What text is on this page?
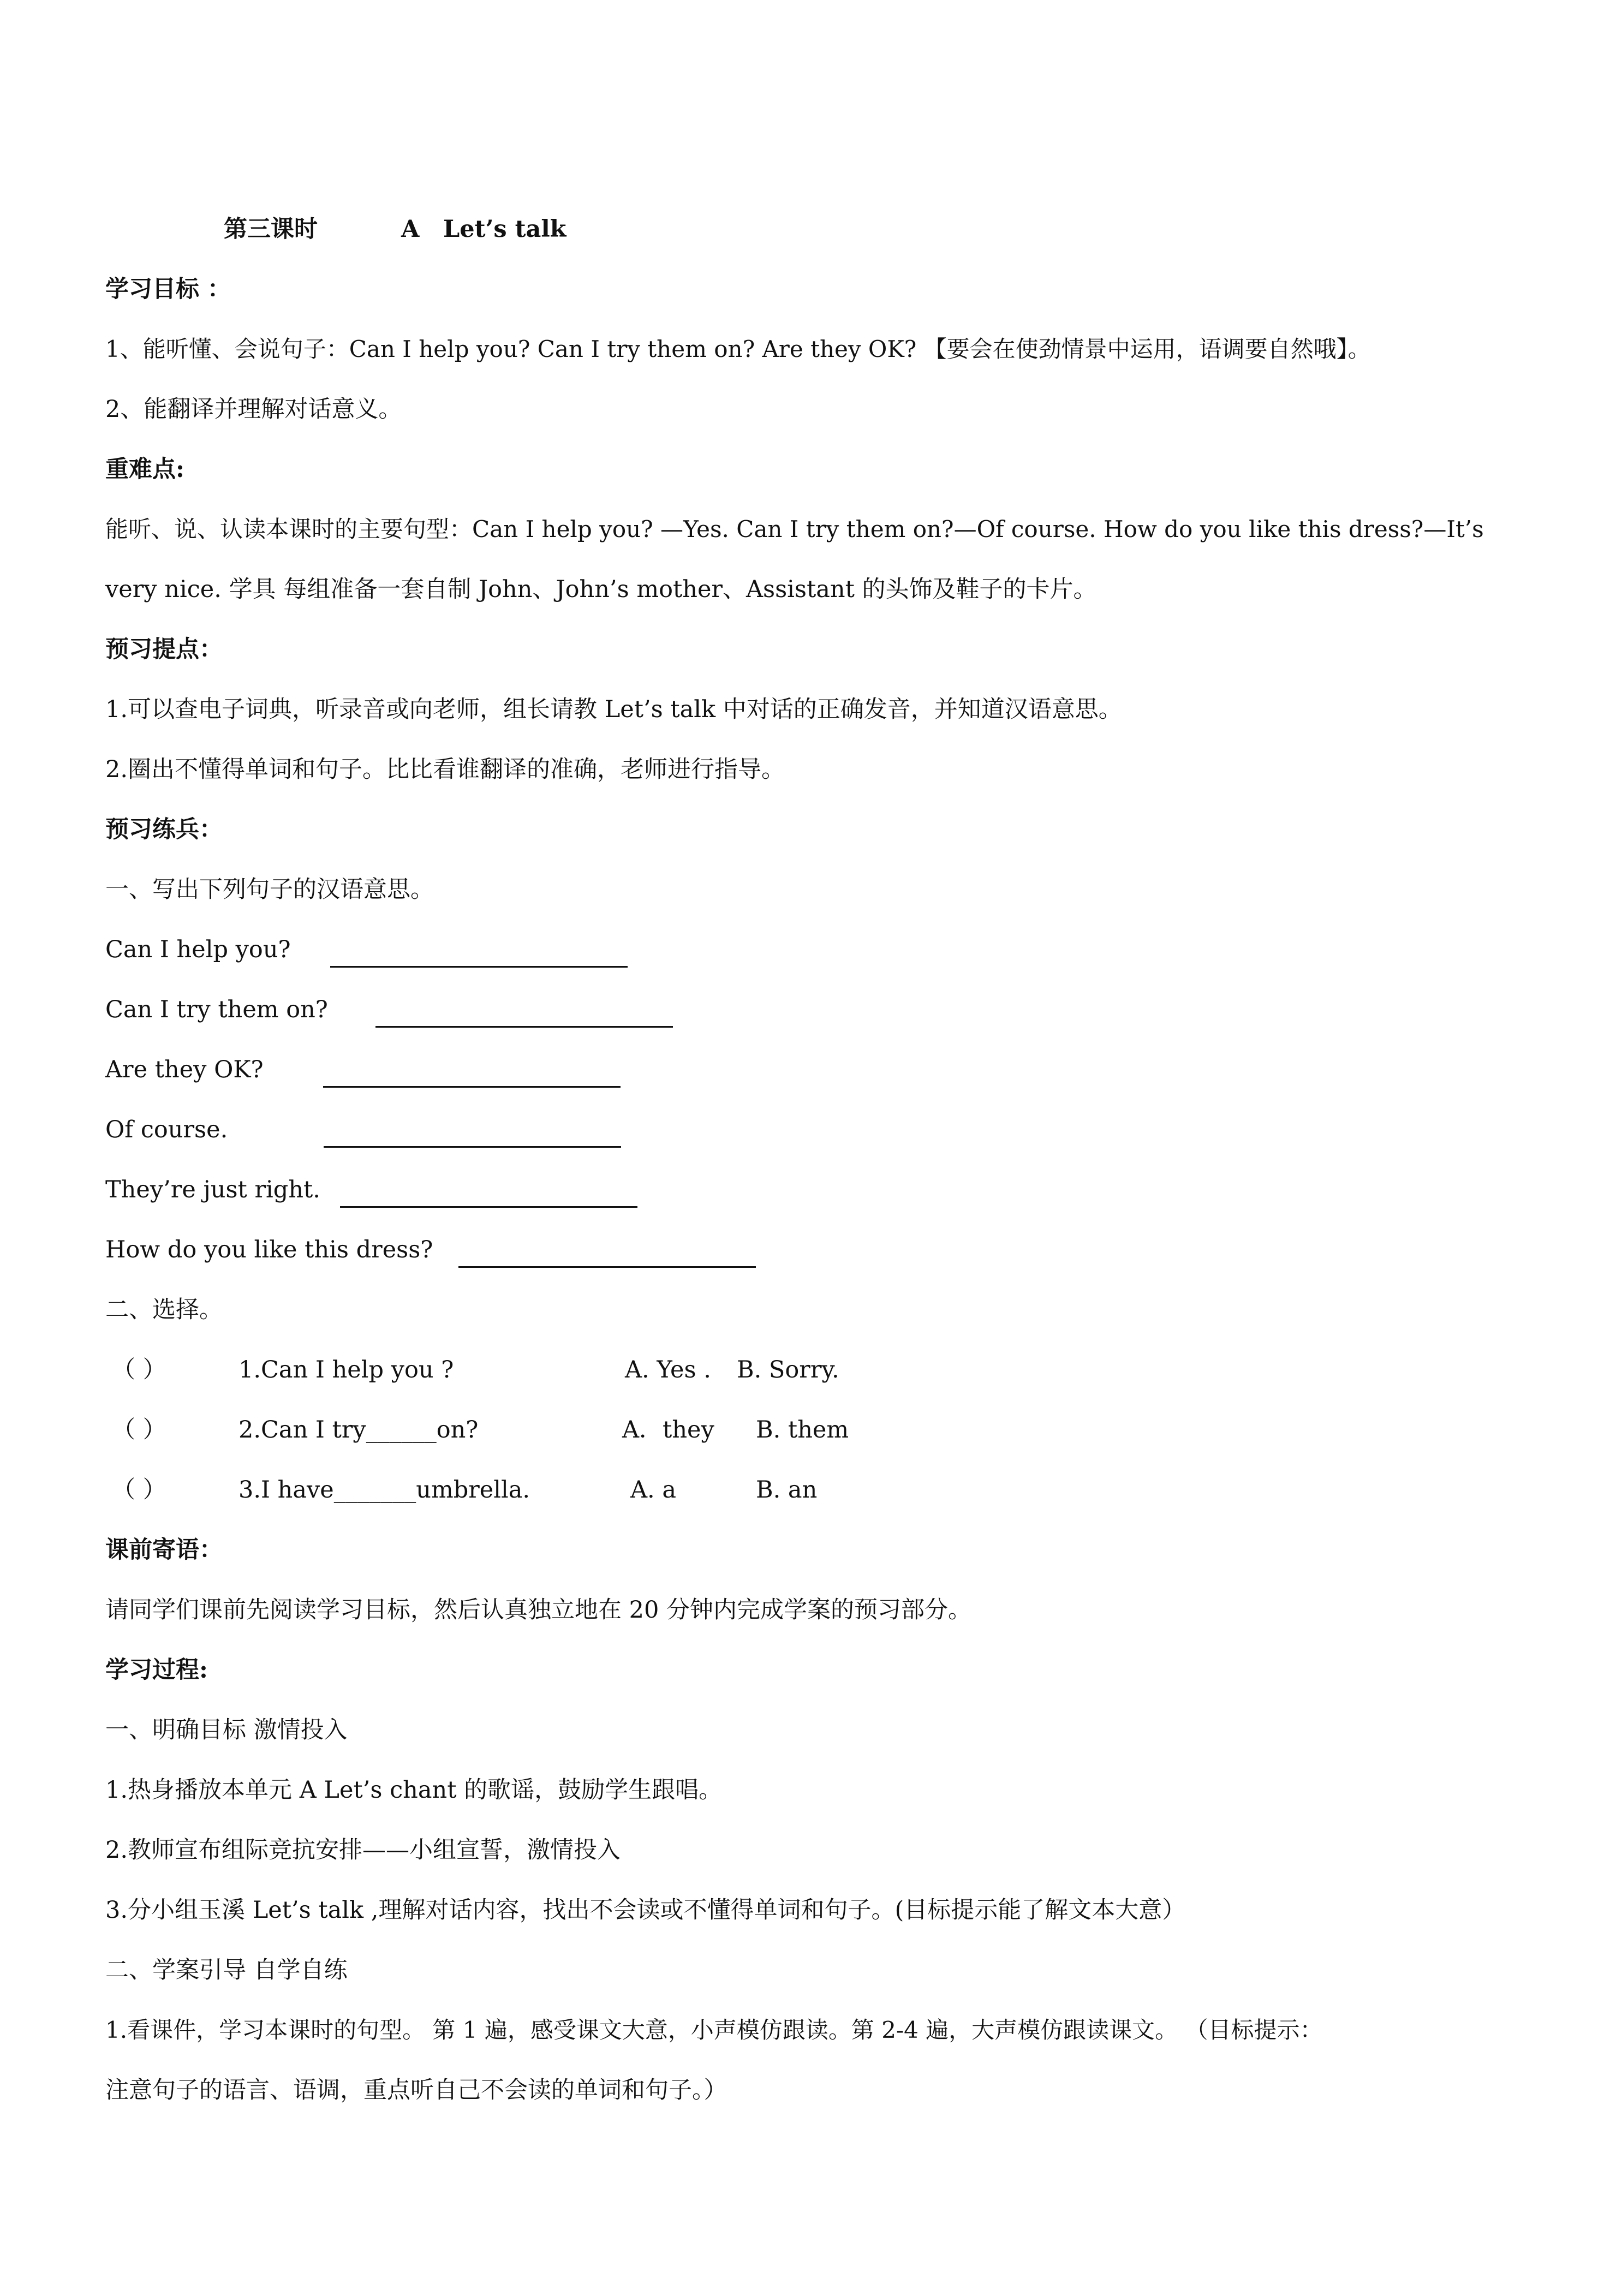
第三课时	A Let’s talk
学习目标 ：
1、能听懂、会说句子：Can I help you? Can I try them on? Are they OK? 【要会在使劲情景中运用，语调要自然哦】。
2、能翻译并理解对话意义。
重难点:
能听、说、认读本课时的主要句型：Can I help you? —Yes. Can I try them on?—Of course. How do you like this dress?—It’s
very nice. 学具 每组准备一套自制 John、John’s mother、Assistant 的头饰及鞋子的卡片。
预习提点：
1.可以查电子词典，听录音或向老师，组长请教 Let’s talk 中对话的正确发音，并知道汉语意思。
2.圈出不懂得单词和句子。比比看谁翻译的准确，老师进行指导。
预习练兵：
一、写出下列句子的汉语意思。
Can I help you?
Can I try them on?
Are they OK?
Of course.
They’re just right.
How do you like this dress?
二、选择。
（ ）	1.Can I help you ?	A. Yes . B. Sorry.
（ ）	2.Can I try______on?	A．they B. them
（ ）	3.I have_______umbrella.	A. a	B. an
课前寄语：
请同学们课前先阅读学习目标，然后认真独立地在 20 分钟内完成学案的预习部分。
学习过程:
一、明确目标 激情投入
1.热身播放本单元 A Let’s chant 的歌谣，鼓励学生跟唱。
2.教师宣布组际竞抗安排——小组宣誓，激情投入
3.分小组玉溪 Let’s talk ,理解对话内容，找出不会读或不懂得单词和句子。(目标提示能了解文本大意）
二、学案引导 自学自练
1.看课件，学习本课时的句型。 第 1 遍，感受课文大意，小声模仿跟读。第 2-4 遍，大声模仿跟读课文。 （目标提示：
注意句子的语言、语调，重点听自己不会读的单词和句子。）
